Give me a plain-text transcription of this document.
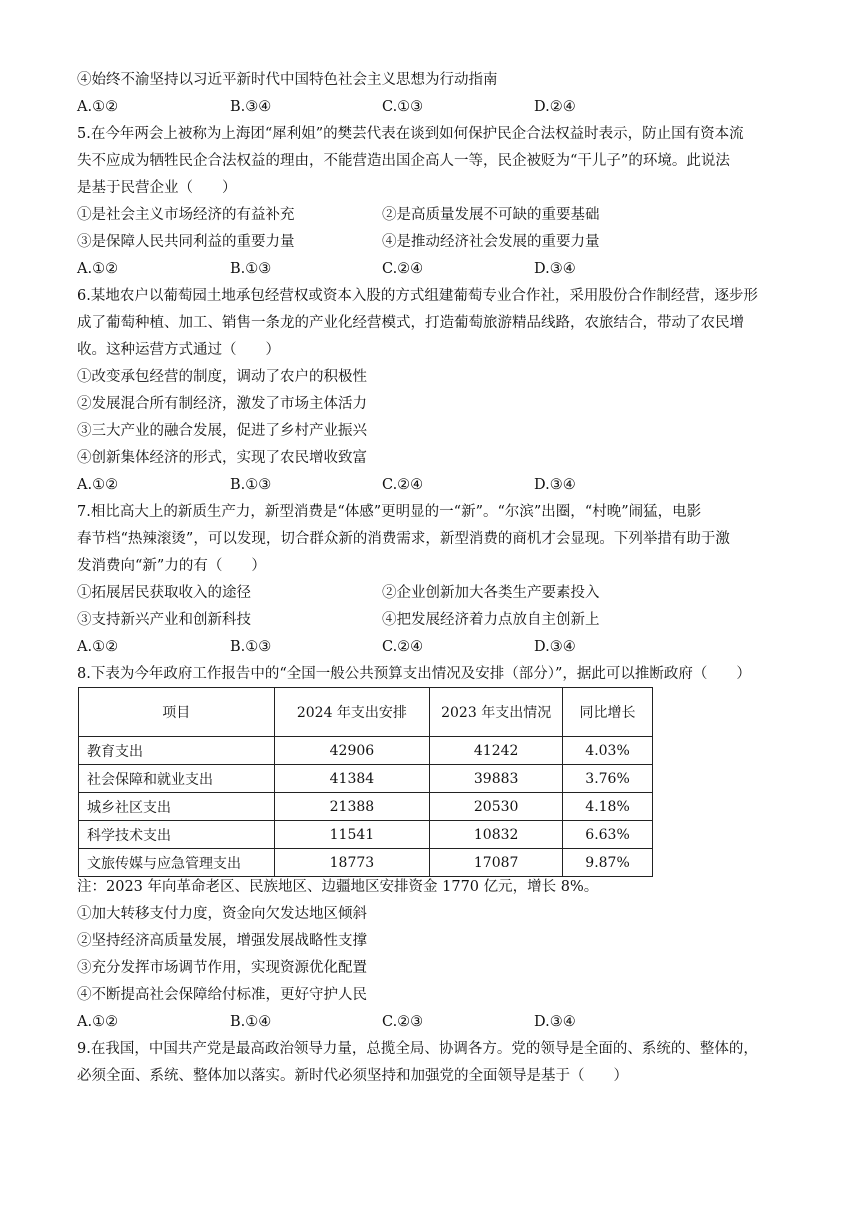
④始终不渝坚持以习近平新时代中国特色社会主义思想为行动指南
A.①②	B.③④	C.①③	D.②④
5.在今年两会上被称为上海团“犀利姐”的樊芸代表在谈到如何保护民企合法权益时表示，防止国有资本流
失不应成为牺牲民企合法权益的理由，不能营造出国企高人一等，民企被贬为“干儿子”的环境。此说法
是基于民营企业（　　）
①是社会主义市场经济的有益补充	②是高质量发展不可缺的重要基础
③是保障人民共同利益的重要力量	④是推动经济社会发展的重要力量
A.①②	B.①③	C.②④	D.③④
6.某地农户以葡萄园土地承包经营权或资本入股的方式组建葡萄专业合作社，采用股份合作制经营，逐步形
成了葡萄种植、加工、销售一条龙的产业化经营模式，打造葡萄旅游精品线路，农旅结合，带动了农民增
收。这种运营方式通过（　　）
①改变承包经营的制度，调动了农户的积极性
②发展混合所有制经济，激发了市场主体活力
③三大产业的融合发展，促进了乡村产业振兴
④创新集体经济的形式，实现了农民增收致富
A.①②	B.①③	C.②④	D.③④
7.相比高大上的新质生产力，新型消费是“体感”更明显的一“新”。“尔滨”出圈，“村晚”闹猛，电影
春节档“热辣滚烫”，可以发现，切合群众新的消费需求，新型消费的商机才会显现。下列举措有助于激
发消费向“新”力的有（　　）
①拓展居民获取收入的途径	②企业创新加大各类生产要素投入
③支持新兴产业和创新科技	④把发展经济着力点放自主创新上
A.①②	B.①③	C.②④	D.③④
8.下表为今年政府工作报告中的“全国一般公共预算支出情况及安排（部分）”，据此可以推断政府（　　）
项目	2024 年支出安排	2023 年支出情况	同比增长
教育支出	42906	41242	4.03%
社会保障和就业支出	41384	39883	3.76%
城乡社区支出	21388	20530	4.18%
科学技术支出	11541	10832	6.63%
文旅传媒与应急管理支出	18773	17087	9.87%
注：2023 年向革命老区、民族地区、边疆地区安排资金 1770 亿元，增长 8%。
①加大转移支付力度，资金向欠发达地区倾斜
②坚持经济高质量发展，增强发展战略性支撑
③充分发挥市场调节作用，实现资源优化配置
④不断提高社会保障给付标准，更好守护人民
A.①②	B.①④	C.②③	D.③④
9.在我国，中国共产党是最高政治领导力量，总揽全局、协调各方。党的领导是全面的、系统的、整体的，
必须全面、系统、整体加以落实。新时代必须坚持和加强党的全面领导是基于（　　）
